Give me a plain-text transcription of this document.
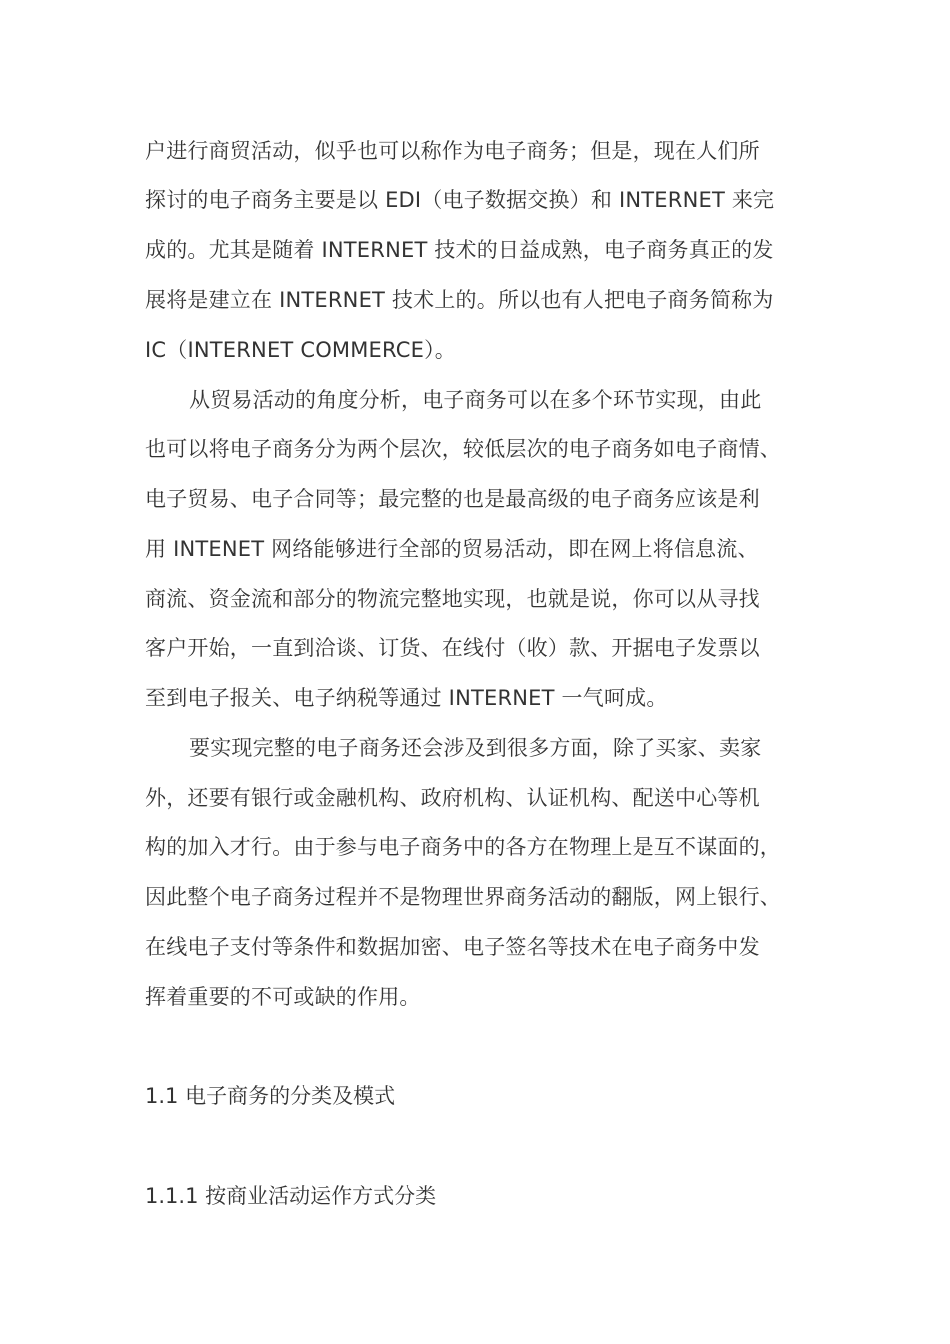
户进行商贸活动，似乎也可以称作为电子商务；但是，现在人们所
探讨的电子商务主要是以 EDI（电子数据交换）和 INTERNET 来完
成的。尤其是随着 INTERNET 技术的日益成熟，电子商务真正的发
展将是建立在 INTERNET 技术上的。所以也有人把电子商务简称为
IC（INTERNET COMMERCE）。
从贸易活动的角度分析，电子商务可以在多个环节实现，由此
也可以将电子商务分为两个层次，较低层次的电子商务如电子商情、
电子贸易、电子合同等；最完整的也是最高级的电子商务应该是利
用 INTENET 网络能够进行全部的贸易活动，即在网上将信息流、
商流、资金流和部分的物流完整地实现，也就是说，你可以从寻找
客户开始，一直到洽谈、订货、在线付（收）款、开据电子发票以
至到电子报关、电子纳税等通过 INTERNET 一气呵成。
要实现完整的电子商务还会涉及到很多方面，除了买家、卖家
外，还要有银行或金融机构、政府机构、认证机构、配送中心等机
构的加入才行。由于参与电子商务中的各方在物理上是互不谋面的，
因此整个电子商务过程并不是物理世界商务活动的翻版，网上银行、
在线电子支付等条件和数据加密、电子签名等技术在电子商务中发
挥着重要的不可或缺的作用。
1.1 电子商务的分类及模式
1.1.1 按商业活动运作方式分类
